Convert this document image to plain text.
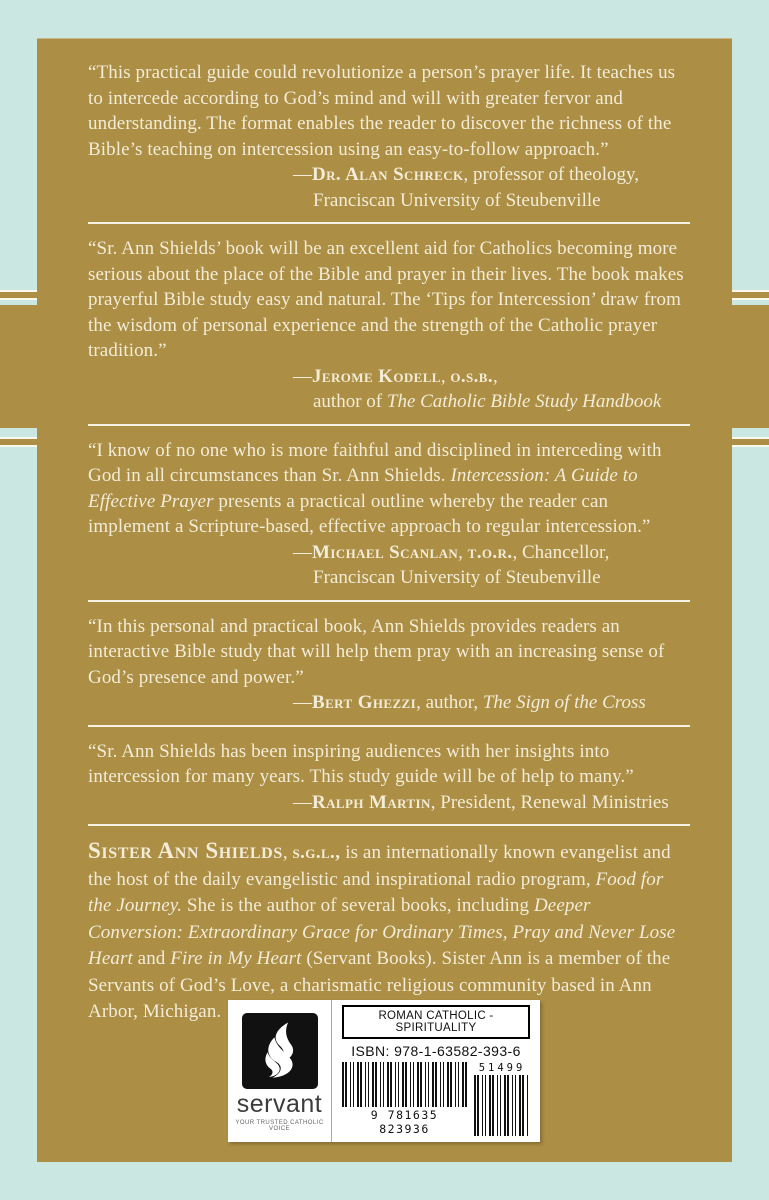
“This practical guide could revolutionize a person’s prayer life. It teaches us to intercede according to God’s mind and will with greater fervor and understanding. The format enables the reader to discover the richness of the Bible’s teaching on intercession using an easy-to-follow approach.”

—Dr. Alan Schreck, professor of theology,
Franciscan University of Steubenville

“Sr. Ann Shields’ book will be an excellent aid for Catholics becoming more serious about the place of the Bible and prayer in their lives. The book makes prayerful Bible study easy and natural. The ‘Tips for Intercession’ draw from the wisdom of personal experience and the strength of the Catholic prayer tradition.”

—Jerome Kodell, o.s.b.,
author of The Catholic Bible Study Handbook

“I know of no one who is more faithful and disciplined in interceding with God in all circumstances than Sr. Ann Shields. Intercession: A Guide to Effective Prayer presents a practical outline whereby the reader can implement a Scripture-based, effective approach to regular intercession.”

—Michael Scanlan, t.o.r., Chancellor,
Franciscan University of Steubenville

“In this personal and practical book, Ann Shields provides readers an interactive Bible study that will help them pray with an increasing sense of God’s presence and power.”

—Bert Ghezzi, author, The Sign of the Cross

“Sr. Ann Shields has been inspiring audiences with her insights into intercession for many years. This study guide will be of help to many.”

—Ralph Martin, President, Renewal Ministries

Sister Ann Shields, s.g.l., is an internationally known evangelist and the host of the daily evangelistic and inspirational radio program, Food for the Journey. She is the author of several books, including Deeper Conversion: Extraordinary Grace for Ordinary Times, Pray and Never Lose Heart and Fire in My Heart (Servant Books). Sister Ann is a member of the Servants of God’s Love, a charismatic religious community based in Ann Arbor, Michigan.

servant
YOUR TRUSTED CATHOLIC VOICE
ROMAN CATHOLIC - SPIRITUALITY
ISBN: 978-1-63582-393-6
9 781635 823936
51499
